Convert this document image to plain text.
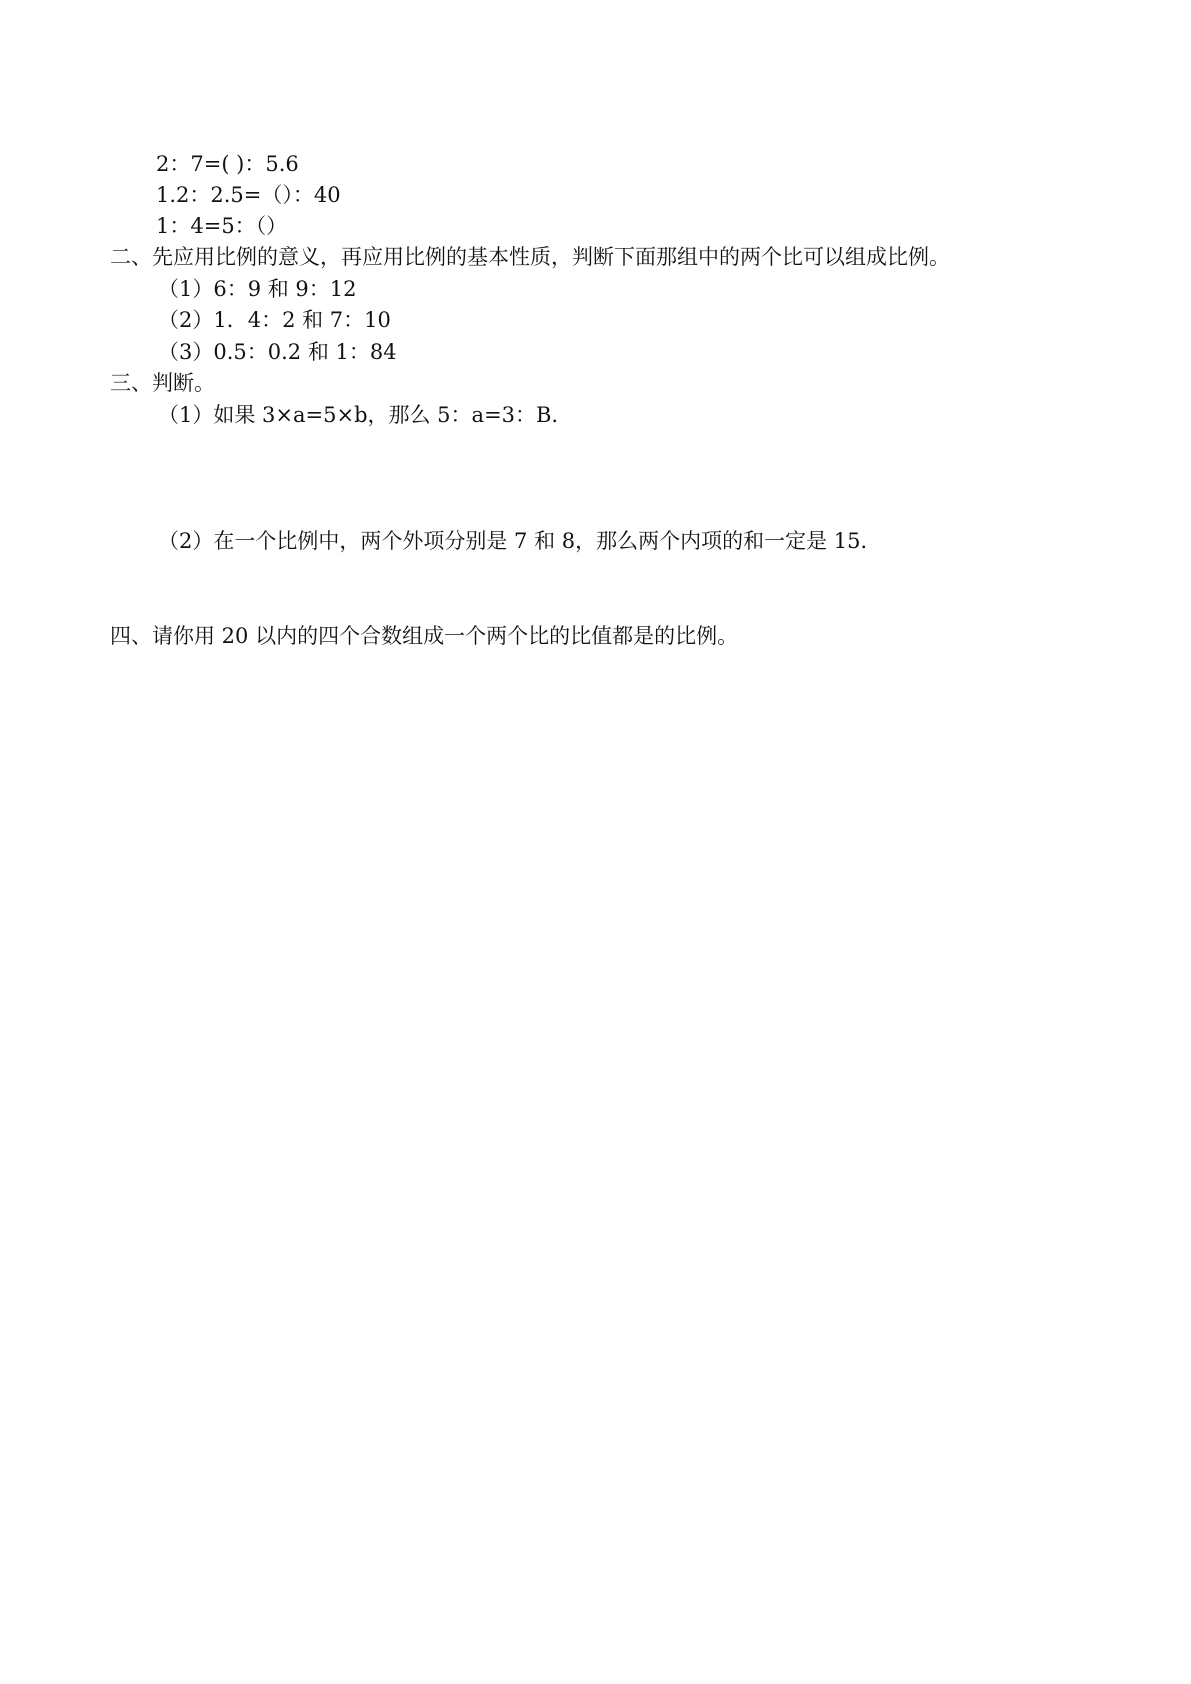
2：7=( )：5.6
1.2：2.5=（）：40
1：4=5：（）
二、先应用比例的意义，再应用比例的基本性质，判断下面那组中的两个比可以组成比例。
（1）6：9 和 9：12
（2）1．4：2 和 7：10
（3）0.5：0.2 和 1：84
三、判断。
（1）如果 3×a=5×b，那么 5：a=3：B．
（2）在一个比例中，两个外项分别是 7 和 8，那么两个内项的和一定是 15．
四、请你用 20 以内的四个合数组成一个两个比的比值都是的比例。
